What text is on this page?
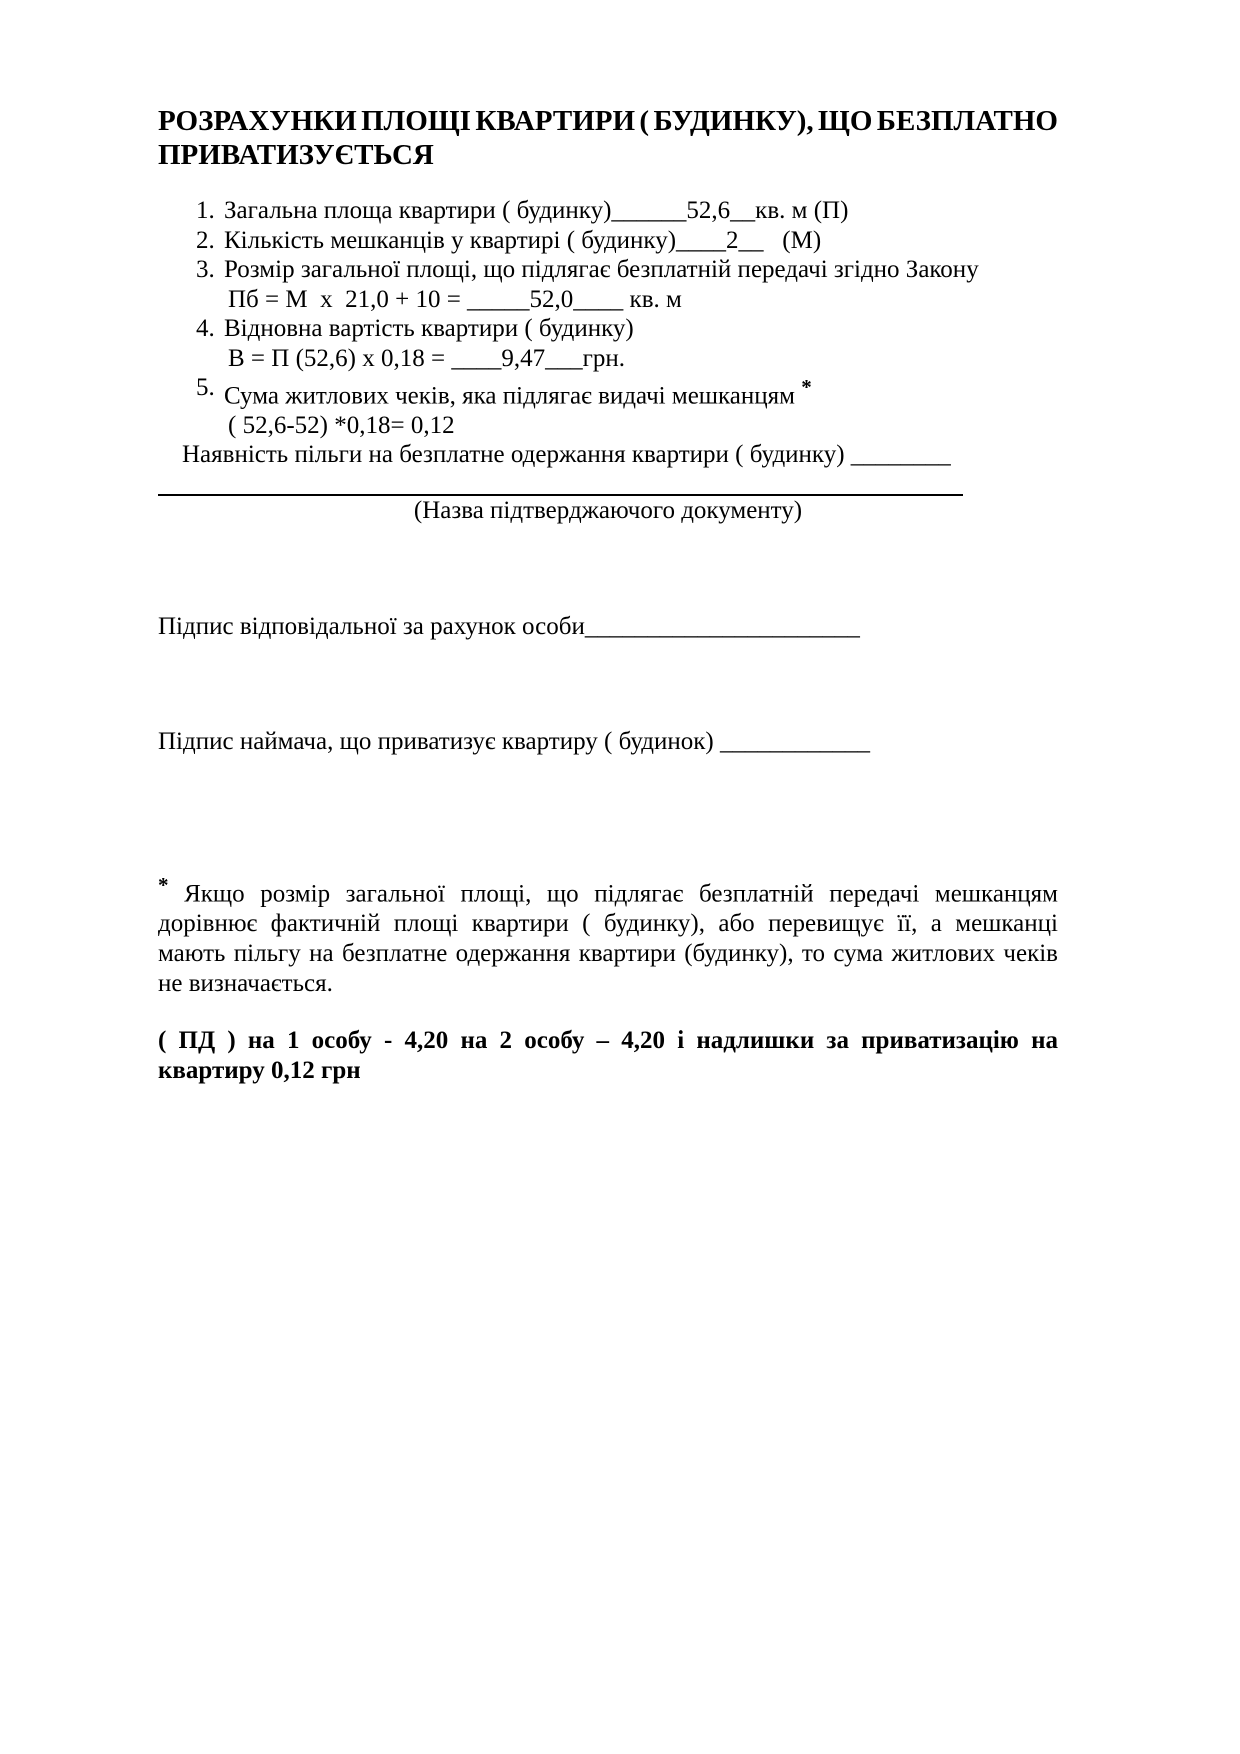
РОЗРАХУНКИ ПЛОЩІ КВАРТИРИ ( БУДИНКУ), ЩО БЕЗПЛАТНО
ПРИВАТИЗУЄТЬСЯ
1. Загальна площа квартири ( будинку)______52,6__кв. м (П)
2. Кількість мешканців у квартирі ( будинку)____2__   (М)
3. Розмір загальної площі, що підлягає безплатній передачі згідно Закону
Пб = М  х  21,0 + 10 = _____52,0____ кв. м
4. Відновна вартість квартири ( будинку)
В = П (52,6) х 0,18 = ____9,47___грн.
5. Сума житлових чеків, яка підлягає видачі мешканцям *
( 52,6-52) *0,18= 0,12
Наявність пільги на безплатне одержання квартири ( будинку) ________
(Назва підтверджаючого документу)
Підпис відповідальної за рахунок особи______________________
Підпис наймача, що приватизує квартиру ( будинок) ____________
* Якщо розмір загальної площі, що підлягає безплатній передачі мешканцям дорівнює фактичній площі квартири ( будинку), або перевищує її, а мешканці мають пільгу на безплатне одержання квартири (будинку), то сума житлових чеків не визначається.
( ПД ) на 1 особу - 4,20 на 2 особу – 4,20 і надлишки за приватизацію на квартиру 0,12 грн
